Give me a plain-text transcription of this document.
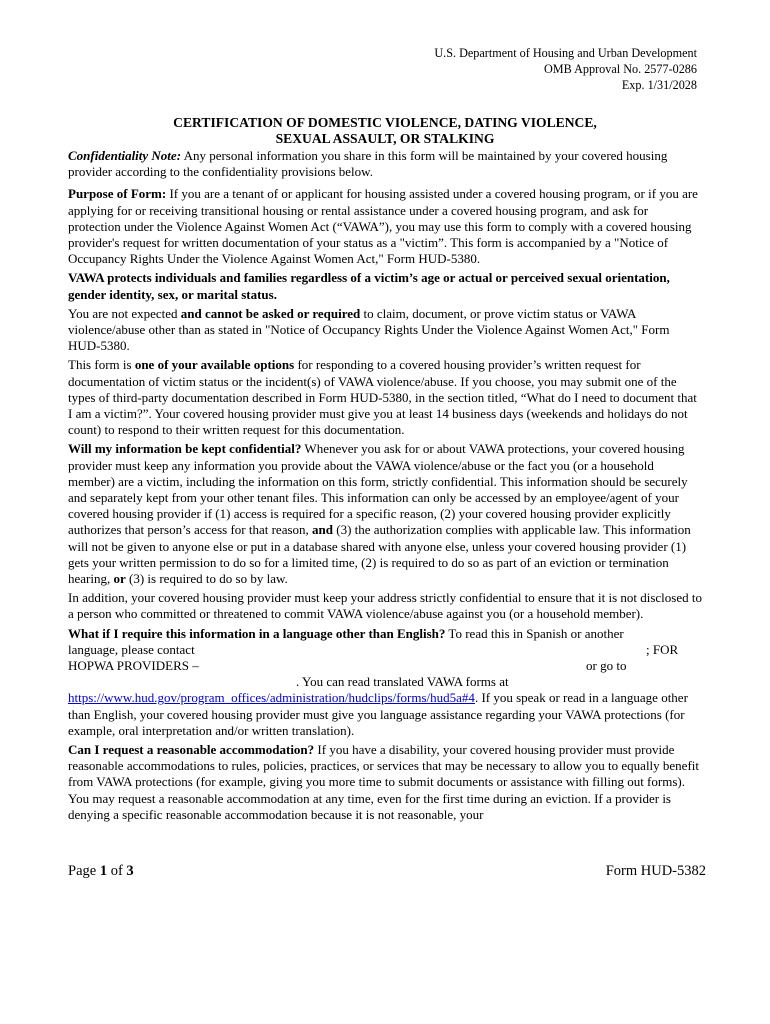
U.S. Department of Housing and Urban Development
OMB Approval No. 2577-0286
Exp. 1/31/2028
CERTIFICATION OF DOMESTIC VIOLENCE, DATING VIOLENCE,
SEXUAL ASSAULT, OR STALKING

Confidentiality Note: Any personal information you share in this form will be maintained by your covered housing provider according to the confidentiality provisions below.

Purpose of Form: If you are a tenant of or applicant for housing assisted under a covered housing program, or if you are applying for or receiving transitional housing or rental assistance under a covered housing program, and ask for protection under the Violence Against Women Act (“VAWA”), you may use this form to comply with a covered housing provider's request for written documentation of your status as a "victim”. This form is accompanied by a "Notice of Occupancy Rights Under the Violence Against Women Act," Form HUD-5380.

VAWA protects individuals and families regardless of a victim’s age or actual or perceived sexual orientation, gender identity, sex, or marital status.

You are not expected and cannot be asked or required to claim, document, or prove victim status or VAWA violence/abuse other than as stated in "Notice of Occupancy Rights Under the Violence Against Women Act," Form HUD-5380.

This form is one of your available options for responding to a covered housing provider’s written request for documentation of victim status or the incident(s) of VAWA violence/abuse. If you choose, you may submit one of the types of third-party documentation described in Form HUD-5380, in the section titled, “What do I need to document that I am a victim?”. Your covered housing provider must give you at least 14 business days (weekends and holidays do not count) to respond to their written request for this documentation.

Will my information be kept confidential? Whenever you ask for or about VAWA protections, your covered housing provider must keep any information you provide about the VAWA violence/abuse or the fact you (or a household member) are a victim, including the information on this form, strictly confidential. This information should be securely and separately kept from your other tenant files. This information can only be accessed by an employee/agent of your covered housing provider if (1) access is required for a specific reason, (2) your covered housing provider explicitly authorizes that person’s access for that reason, and (3) the authorization complies with applicable law. This information will not be given to anyone else or put in a database shared with anyone else, unless your covered housing provider (1) gets your written permission to do so for a limited time, (2) is required to do so as part of an eviction or termination hearing, or (3) is required to do so by law.

In addition, your covered housing provider must keep your address strictly confidential to ensure that it is not disclosed to a person who committed or threatened to commit VAWA violence/abuse against you (or a household member).

What if I require this information in a language other than English? To read this in Spanish or another
language, please contact	; FOR
HOPWA PROVIDERS –	or go to
. You can read translated VAWA forms at
https://www.hud.gov/program_offices/administration/hudclips/forms/hud5a#4. If you speak or read in a language other than English, your covered housing provider must give you language assistance regarding your VAWA protections (for example, oral interpretation and/or written translation).

Can I request a reasonable accommodation? If you have a disability, your covered housing provider must provide reasonable accommodations to rules, policies, practices, or services that may be necessary to allow you to equally benefit from VAWA protections (for example, giving you more time to submit documents or assistance with filling out forms). You may request a reasonable accommodation at any time, even for the first time during an eviction. If a provider is denying a specific reasonable accommodation because it is not reasonable, your

Page 1 of 3	Form HUD-5382
